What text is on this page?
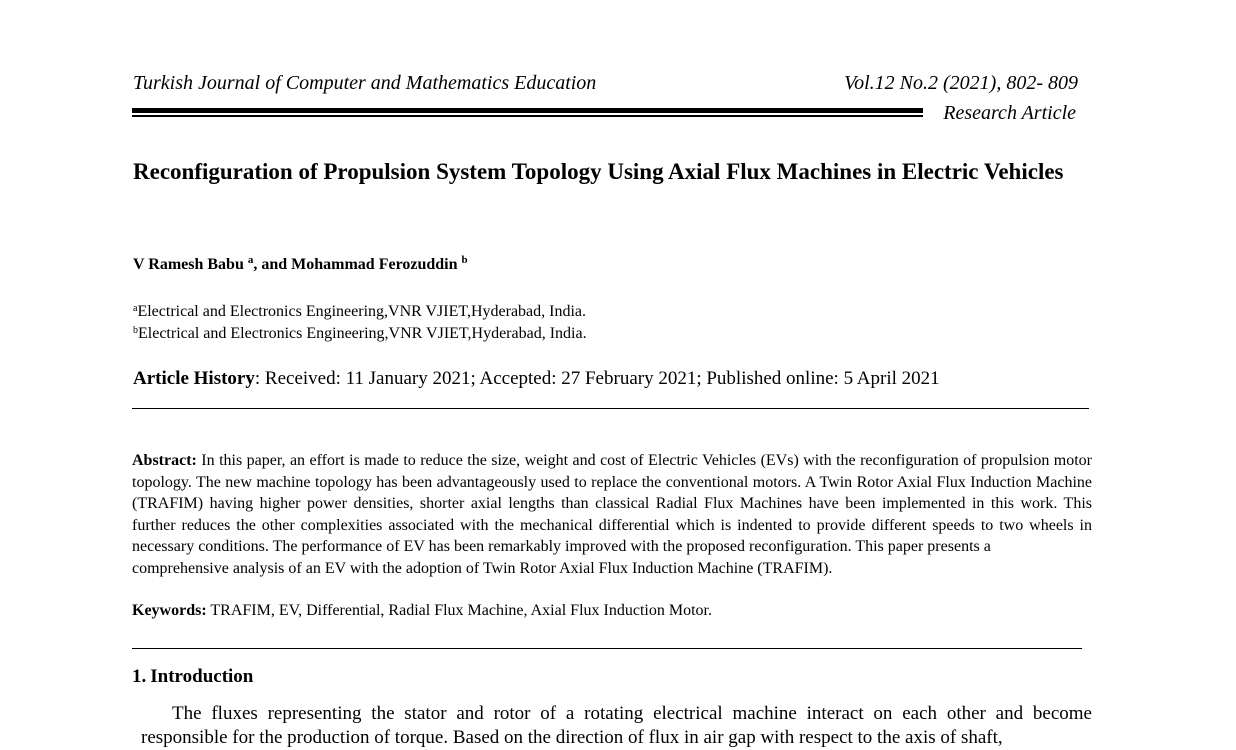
Turkish Journal of Computer and Mathematics Education	Vol.12 No.2 (2021), 802- 809
Research Article
Reconfiguration of Propulsion System Topology Using Axial Flux Machines in Electric Vehicles
V Ramesh Babu $^a$, and Mohammad Ferozuddin $^b$
$^a$Electrical and Electronics Engineering,VNR VJIET,Hyderabad, India.
$^b$Electrical and Electronics Engineering,VNR VJIET,Hyderabad, India.
Article History: Received: 11 January 2021; Accepted: 27 February 2021; Published online: 5 April 2021

Abstract: In this paper, an effort is made to reduce the size, weight and cost of Electric Vehicles (EVs) with the reconfiguration of propulsion motor topology. The new machine topology has been advantageously used to replace the conventional motors. A Twin Rotor Axial Flux Induction Machine (TRAFIM) having higher power densities, shorter axial lengths than classical Radial Flux Machines have been implemented in this work. This further reduces the other complexities associated with the mechanical differential which is indented to provide different speeds to two wheels in necessary conditions. The performance of EV has been remarkably improved with the proposed reconfiguration. This paper presents a

comprehensive analysis of an EV with the adoption of Twin Rotor Axial Flux Induction Machine (TRAFIM).

Keywords: TRAFIM, EV, Differential, Radial Flux Machine, Axial Flux Induction Motor.
1. Introduction
The fluxes representing the stator and rotor of a rotating electrical machine interact on each other and become responsible for the production of torque. Based on the direction of flux in air gap with respect to the axis of shaft,
